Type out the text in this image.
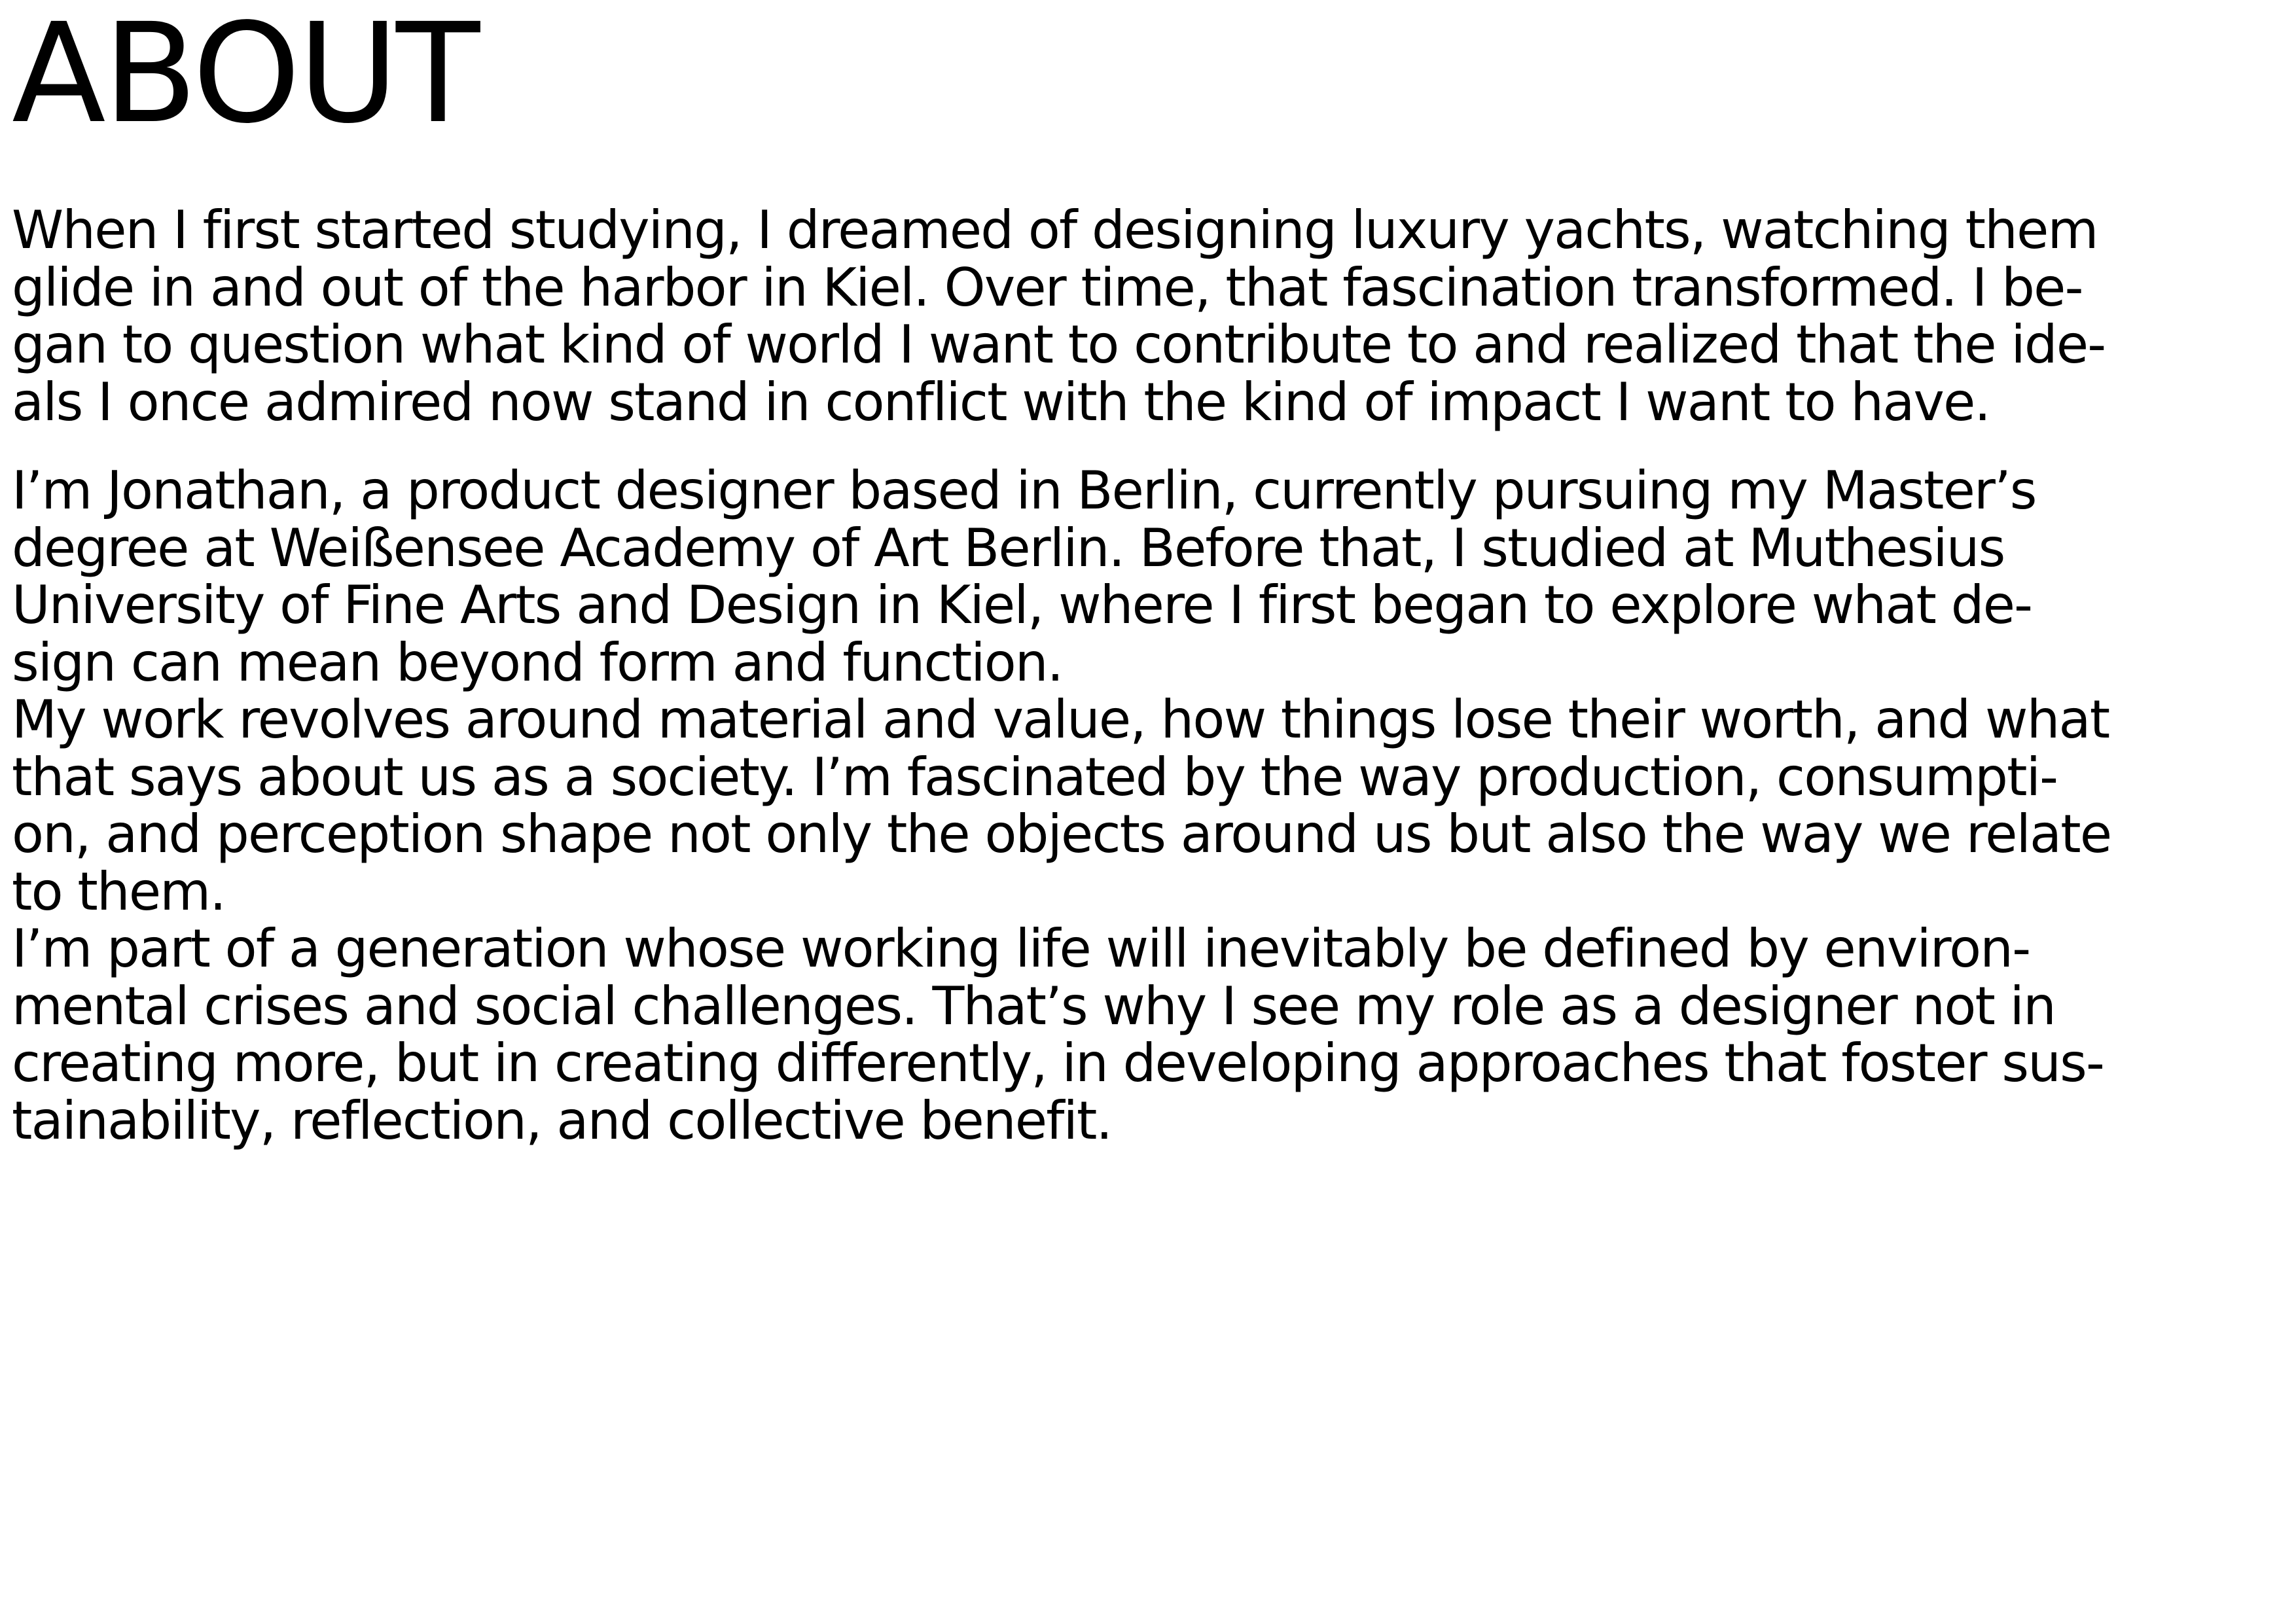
ABOUT
When I first started studying, I dreamed of designing luxury yachts, watching them
glide in and out of the harbor in Kiel. Over time, that fascination transformed. I be-
gan to question what kind of world I want to contribute to and realized that the ide-
als I once admired now stand in conflict with the kind of impact I want to have.
I’m Jonathan, a product designer based in Berlin, currently pursuing my Master’s
degree at Weißensee Academy of Art Berlin. Before that, I studied at Muthesius
University of Fine Arts and Design in Kiel, where I first began to explore what de-
sign can mean beyond form and function.
My work revolves around material and value, how things lose their worth, and what
that says about us as a society. I’m fascinated by the way production, consumpti-
on, and perception shape not only the objects around us but also the way we relate
to them.
I’m part of a generation whose working life will inevitably be defined by environ-
mental crises and social challenges. That’s why I see my role as a designer not in
creating more, but in creating differently, in developing approaches that foster sus-
tainability, reflection, and collective benefit.
